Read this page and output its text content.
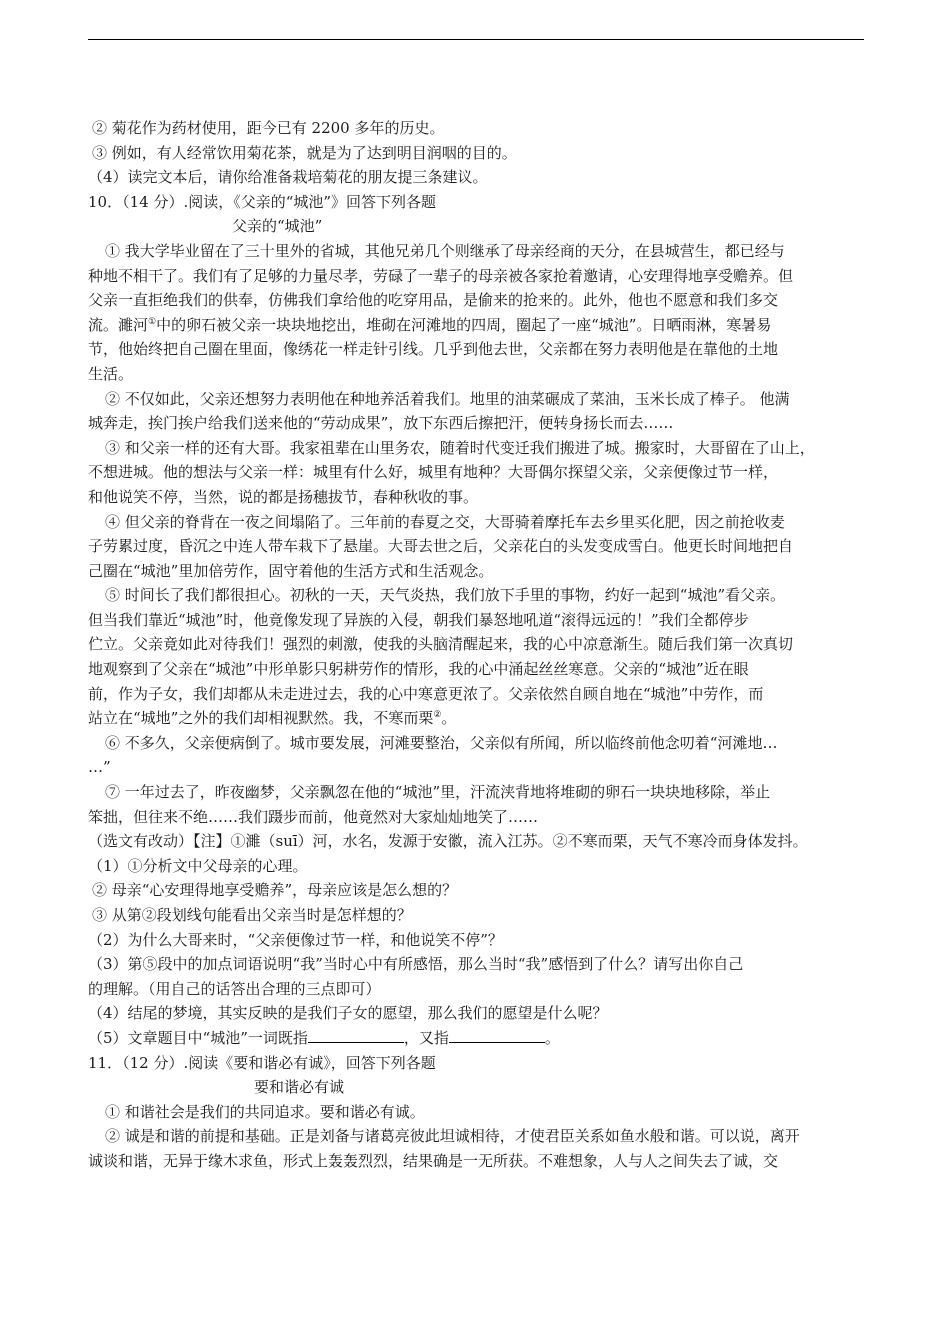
② 菊花作为药材使用，距今已有 2200 多年的历史。
③ 例如，有人经常饮用菊花茶，就是为了达到明目润咽的目的。
（4）读完文本后，请你给准备栽培菊花的朋友提三条建议。
10．（14 分）.阅读，《父亲的“城池”》回答下列各题
父亲的“城池”
① 我大学毕业留在了三十里外的省城，其他兄弟几个则继承了母亲经商的天分，在县城营生，都已经与
种地不相干了。我们有了足够的力量尽孝，劳碌了一辈子的母亲被各家抢着邀请，心安理得地享受赡养。但
父亲一直拒绝我们的供奉，仿佛我们拿给他的吃穿用品，是偷来的抢来的。此外，他也不愿意和我们多交
流。濉河①中的卵石被父亲一块块地挖出，堆砌在河滩地的四周，圈起了一座“城池”。日晒雨淋，寒暑易
节，他始终把自己圈在里面，像绣花一样走针引线。几乎到他去世，父亲都在努力表明他是在靠他的土地
生活。
② 不仅如此，父亲还想努力表明他在种地养活着我们。地里的油菜碾成了菜油，玉米长成了棒子。 他满
城奔走，挨门挨户给我们送来他的“劳动成果”，放下东西后擦把汗，便转身扬长而去……
③ 和父亲一样的还有大哥。我家祖辈在山里务农，随着时代变迁我们搬进了城。搬家时，大哥留在了山上，
不想进城。他的想法与父亲一样：城里有什么好，城里有地种？大哥偶尔探望父亲，父亲便像过节一样，
和他说笑不停，当然，说的都是扬穗拔节，春种秋收的事。
④ 但父亲的脊背在一夜之间塌陷了。三年前的春夏之交，大哥骑着摩托车去乡里买化肥，因之前抢收麦
子劳累过度，昏沉之中连人带车栽下了悬崖。大哥去世之后，父亲花白的头发变成雪白。他更长时间地把自
己圈在“城池”里加倍劳作，固守着他的生活方式和生活观念。
⑤ 时间长了我们都很担心。初秋的一天，天气炎热，我们放下手里的事物，约好一起到“城池”看父亲。
但当我们靠近“城池”时，他竟像发现了异族的入侵，朝我们暴怒地吼道“滚得远远的！”我们全都停步
伫立。父亲竟如此对待我们！强烈的刺激，使我的头脑清醒起来，我的心中凉意渐生。随后我们第一次真切
地观察到了父亲在“城池”中形单影只躬耕劳作的情形，我的心中涌起丝丝寒意。父亲的“城池”近在眼
前，作为子女，我们却都从未走进过去，我的心中寒意更浓了。父亲依然自顾自地在“城池”中劳作，而
站立在“城地”之外的我们却相视默然。我，不寒而栗②。
⑥ 不多久，父亲便病倒了。城市要发展，河滩要整治，父亲似有所闻，所以临终前他念叨着“河滩地…
…”
⑦ 一年过去了，昨夜幽梦，父亲飘忽在他的“城池”里，汗流浃背地将堆砌的卵石一块块地移除，举止
笨拙，但往来不绝……我们蹑步而前，他竟然对大家灿灿地笑了……
（选文有改动）【注】①濉（suī）河，水名，发源于安徽，流入江苏。②不寒而栗，天气不寒冷而身体发抖。
（1）①分析文中父母亲的心理。
② 母亲“心安理得地享受赡养”，母亲应该是怎么想的？
③ 从第②段划线句能看出父亲当时是怎样想的？
（2）为什么大哥来时，“父亲便像过节一样，和他说笑不停”？
（3）第⑤段中的加点词语说明“我”当时心中有所感悟，那么当时“我”感悟到了什么？请写出你自己
的理解。（用自己的话答出合理的三点即可）
（4）结尾的梦境，其实反映的是我们子女的愿望，那么我们的愿望是什么呢？
（5）文章题目中“城池”一词既指	，又指	。
11．（12 分）.阅读《要和谐必有诚》，回答下列各题
要和谐必有诚
① 和谐社会是我们的共同追求。要和谐必有诚。
② 诚是和谐的前提和基础。正是刘备与诸葛亮彼此坦诚相待，才使君臣关系如鱼水般和谐。可以说，离开
诚谈和谐，无异于缘木求鱼，形式上轰轰烈烈，结果确是一无所获。不难想象，人与人之间失去了诚，交
